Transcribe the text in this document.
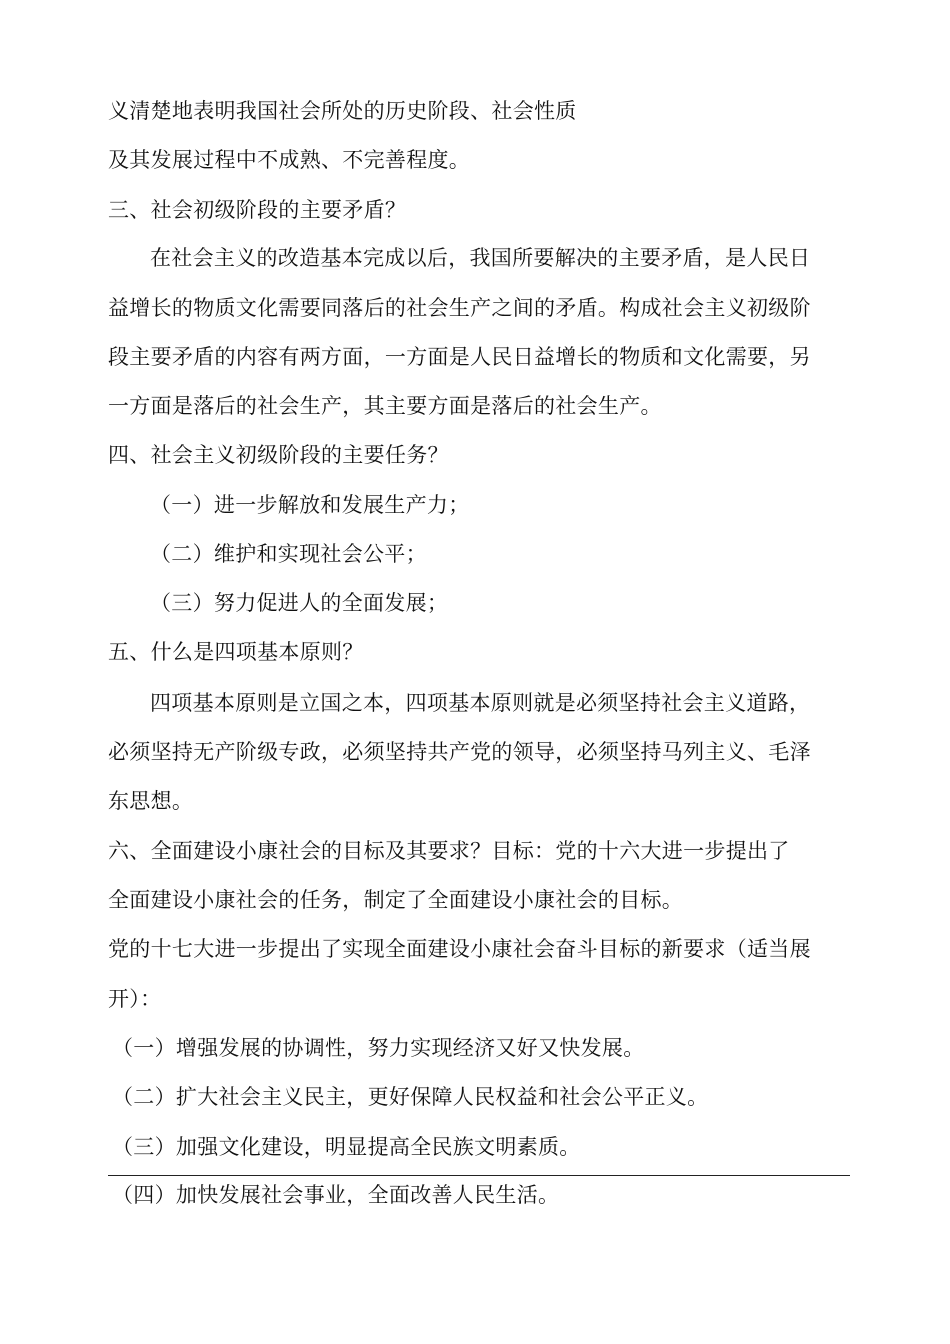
义清楚地表明我国社会所处的历史阶段、社会性质
及其发展过程中不成熟、不完善程度。
三、社会初级阶段的主要矛盾？
在社会主义的改造基本完成以后，我国所要解决的主要矛盾，是人民日
益增长的物质文化需要同落后的社会生产之间的矛盾。构成社会主义初级阶
段主要矛盾的内容有两方面，一方面是人民日益增长的物质和文化需要，另
一方面是落后的社会生产，其主要方面是落后的社会生产。
四、社会主义初级阶段的主要任务？
（一）进一步解放和发展生产力；
（二）维护和实现社会公平；
（三）努力促进人的全面发展；
五、什么是四项基本原则？
四项基本原则是立国之本，四项基本原则就是必须坚持社会主义道路，
必须坚持无产阶级专政，必须坚持共产党的领导，必须坚持马列主义、毛泽
东思想。
六、全面建设小康社会的目标及其要求？目标：党的十六大进一步提出了
全面建设小康社会的任务，制定了全面建设小康社会的目标。
党的十七大进一步提出了实现全面建设小康社会奋斗目标的新要求（适当展
开）：
（一）增强发展的协调性，努力实现经济又好又快发展。
（二）扩大社会主义民主，更好保障人民权益和社会公平正义。
（三）加强文化建设，明显提高全民族文明素质。
（四）加快发展社会事业，全面改善人民生活。
